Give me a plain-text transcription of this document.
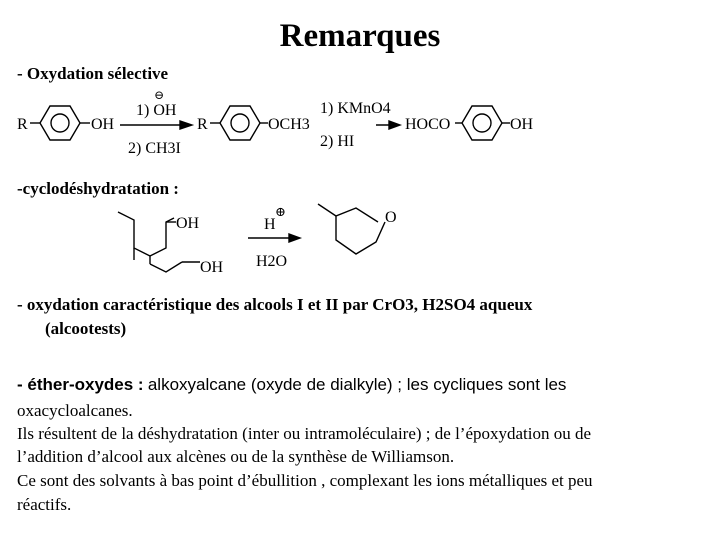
Remarques
- Oxydation sélective
R	OH
1) OH
⊖
2) CH3I
R	OCH3
1) KMnO4
2) HI
HOCO	OH
-cyclodéshydratation :
OH
OH
H
⊕
H2O
O
- oxydation caractéristique des alcools I et II par CrO3, H2SO4 aqueux
(alcootests)
- éther-oxydes : alkoxyalcane (oxyde de dialkyle) ; les cycliques sont les
oxacycloalcanes.
Ils résultent de la déshydratation (inter ou intramoléculaire) ; de l’époxydation ou de
l’addition d’alcool aux alcènes ou de la synthèse de Williamson.
Ce sont des solvants à bas point d’ébullition , complexant les ions métalliques et peu
réactifs.
